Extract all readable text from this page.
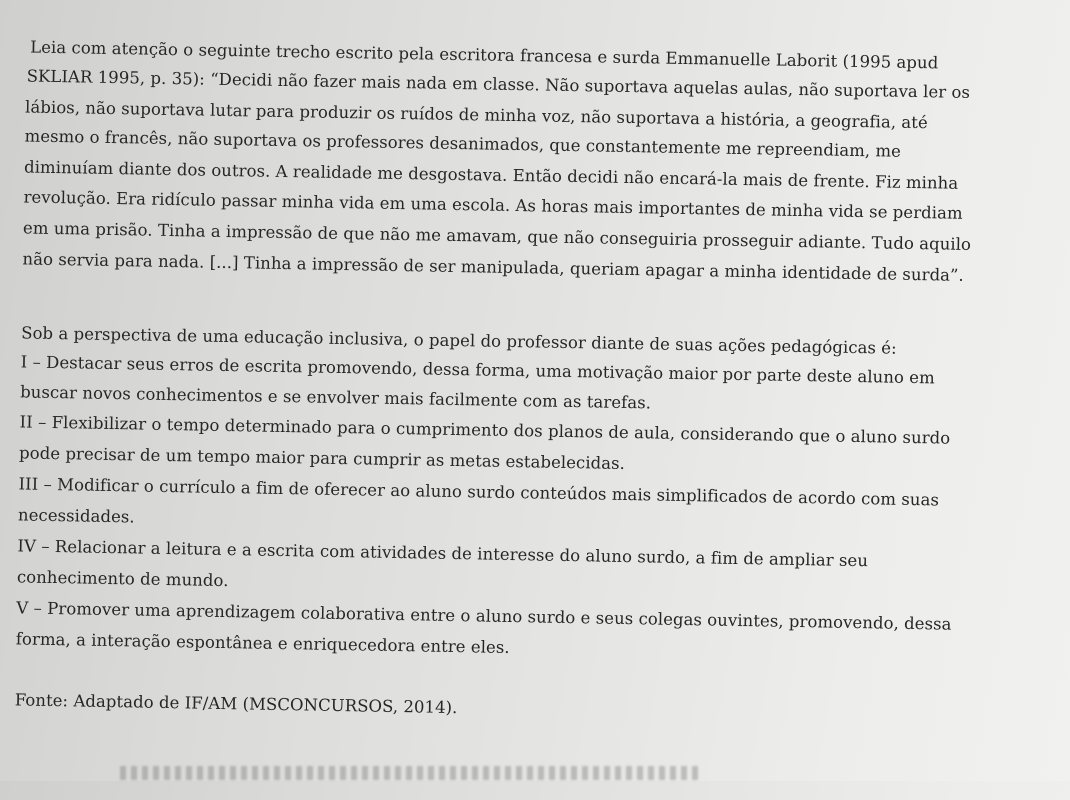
Leia com atenção o seguinte trecho escrito pela escritora francesa e surda Emmanuelle Laborit (1995 apud
SKLIAR 1995, p. 35): “Decidi não fazer mais nada em classe. Não suportava aquelas aulas, não suportava ler os
lábios, não suportava lutar para produzir os ruídos de minha voz, não suportava a história, a geografia, até
mesmo o francês, não suportava os professores desanimados, que constantemente me repreendiam, me
diminuíam diante dos outros. A realidade me desgostava. Então decidi não encará-la mais de frente. Fiz minha
revolução. Era ridículo passar minha vida em uma escola. As horas mais importantes de minha vida se perdiam
em uma prisão. Tinha a impressão de que não me amavam, que não conseguiria prosseguir adiante. Tudo aquilo
não servia para nada. [...] Tinha a impressão de ser manipulada, queriam apagar a minha identidade de surda”.
Sob a perspectiva de uma educação inclusiva, o papel do professor diante de suas ações pedagógicas é:
I – Destacar seus erros de escrita promovendo, dessa forma, uma motivação maior por parte deste aluno em
buscar novos conhecimentos e se envolver mais facilmente com as tarefas.
II – Flexibilizar o tempo determinado para o cumprimento dos planos de aula, considerando que o aluno surdo
pode precisar de um tempo maior para cumprir as metas estabelecidas.
III – Modificar o currículo a fim de oferecer ao aluno surdo conteúdos mais simplificados de acordo com suas
necessidades.
IV – Relacionar a leitura e a escrita com atividades de interesse do aluno surdo, a fim de ampliar seu
conhecimento de mundo.
V – Promover uma aprendizagem colaborativa entre o aluno surdo e seus colegas ouvintes, promovendo, dessa
forma, a interação espontânea e enriquecedora entre eles.
Fonte: Adaptado de IF/AM (MSCONCURSOS, 2014).
